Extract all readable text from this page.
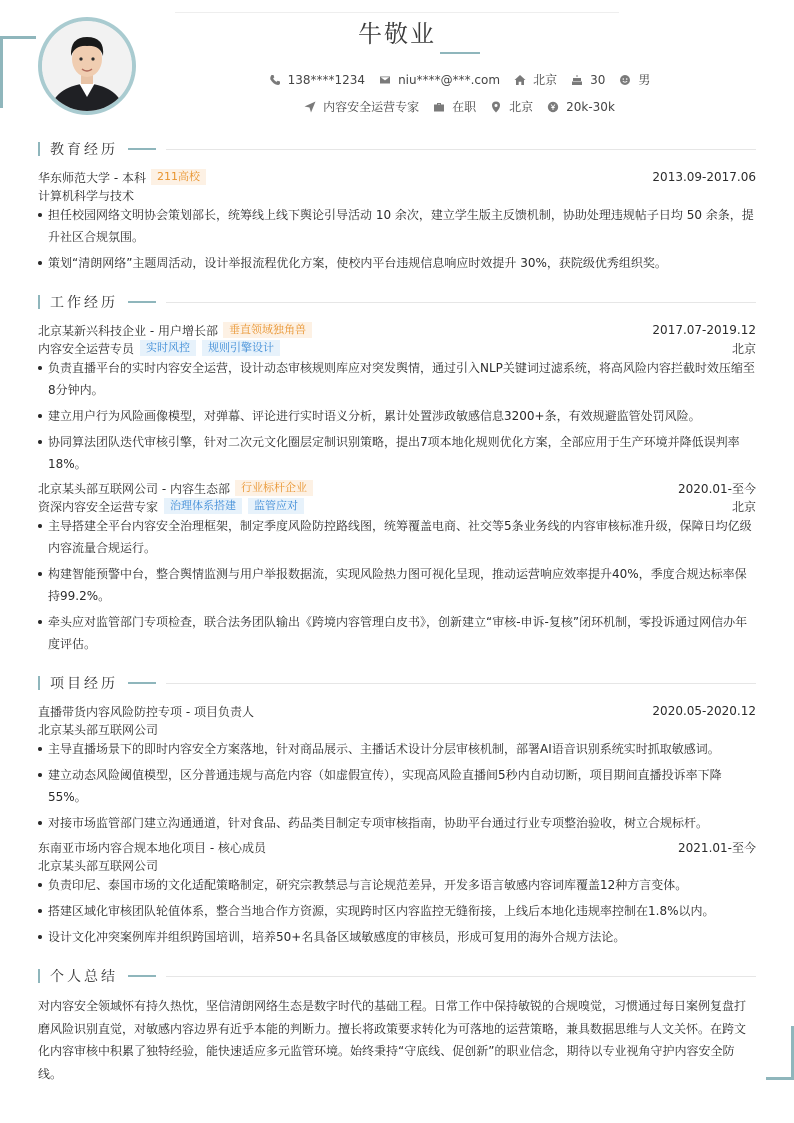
牛敬业
138****1234	niu****@***.com	北京	30	男
内容安全运营专家	在职	北京	20k-30k
教育经历
华东师范大学 - 本科	211高校	2013.09-2017.06
计算机科学与技术
担任校园网络文明协会策划部长，统筹线上线下舆论引导活动 10 余次，建立学生版主反馈机制，协助处理违规帖子日均 50 余条，提升社区合规氛围。
策划“清朗网络”主题周活动，设计举报流程优化方案，使校内平台违规信息响应时效提升 30%，获院级优秀组织奖。
工作经历
北京某新兴科技企业 - 用户增长部	垂直领域独角兽	2017.07-2019.12
内容安全运营专员	实时风控	规则引擎设计	北京
负责直播平台的实时内容安全运营，设计动态审核规则库应对突发舆情，通过引入NLP关键词过滤系统，将高风险内容拦截时效压缩至8分钟内。
建立用户行为风险画像模型，对弹幕、评论进行实时语义分析，累计处置涉政敏感信息3200+条，有效规避监管处罚风险。
协同算法团队迭代审核引擎，针对二次元文化圈层定制识别策略，提出7项本地化规则优化方案，全部应用于生产环境并降低误判率18%。
北京某头部互联网公司 - 内容生态部	行业标杆企业	2020.01-至今
资深内容安全运营专家	治理体系搭建	监管应对	北京
主导搭建全平台内容安全治理框架，制定季度风险防控路线图，统筹覆盖电商、社交等5条业务线的内容审核标准升级，保障日均亿级内容流量合规运行。
构建智能预警中台，整合舆情监测与用户举报数据流，实现风险热力图可视化呈现，推动运营响应效率提升40%，季度合规达标率保持99.2%。
牵头应对监管部门专项检查，联合法务团队输出《跨境内容管理白皮书》，创新建立“审核-申诉-复核”闭环机制，零投诉通过网信办年度评估。
项目经历
直播带货内容风险防控专项 - 项目负责人	2020.05-2020.12
北京某头部互联网公司
主导直播场景下的即时内容安全方案落地，针对商品展示、主播话术设计分层审核机制，部署AI语音识别系统实时抓取敏感词。
建立动态风险阈值模型，区分普通违规与高危内容（如虚假宣传），实现高风险直播间5秒内自动切断，项目期间直播投诉率下降55%。
对接市场监管部门建立沟通通道，针对食品、药品类目制定专项审核指南，协助平台通过行业专项整治验收，树立合规标杆。
东南亚市场内容合规本地化项目 - 核心成员	2021.01-至今
北京某头部互联网公司
负责印尼、泰国市场的文化适配策略制定，研究宗教禁忌与言论规范差异，开发多语言敏感内容词库覆盖12种方言变体。
搭建区域化审核团队轮值体系，整合当地合作方资源，实现跨时区内容监控无缝衔接，上线后本地化违规率控制在1.8%以内。
设计文化冲突案例库并组织跨国培训，培养50+名具备区域敏感度的审核员，形成可复用的海外合规方法论。
个人总结
对内容安全领域怀有持久热忱，坚信清朗网络生态是数字时代的基础工程。日常工作中保持敏锐的合规嗅觉，习惯通过每日案例复盘打磨风险识别直觉，对敏感内容边界有近乎本能的判断力。擅长将政策要求转化为可落地的运营策略，兼具数据思维与人文关怀。在跨文化内容审核中积累了独特经验，能快速适应多元监管环境。始终秉持“守底线、促创新”的职业信念，期待以专业视角守护内容安全防线。
